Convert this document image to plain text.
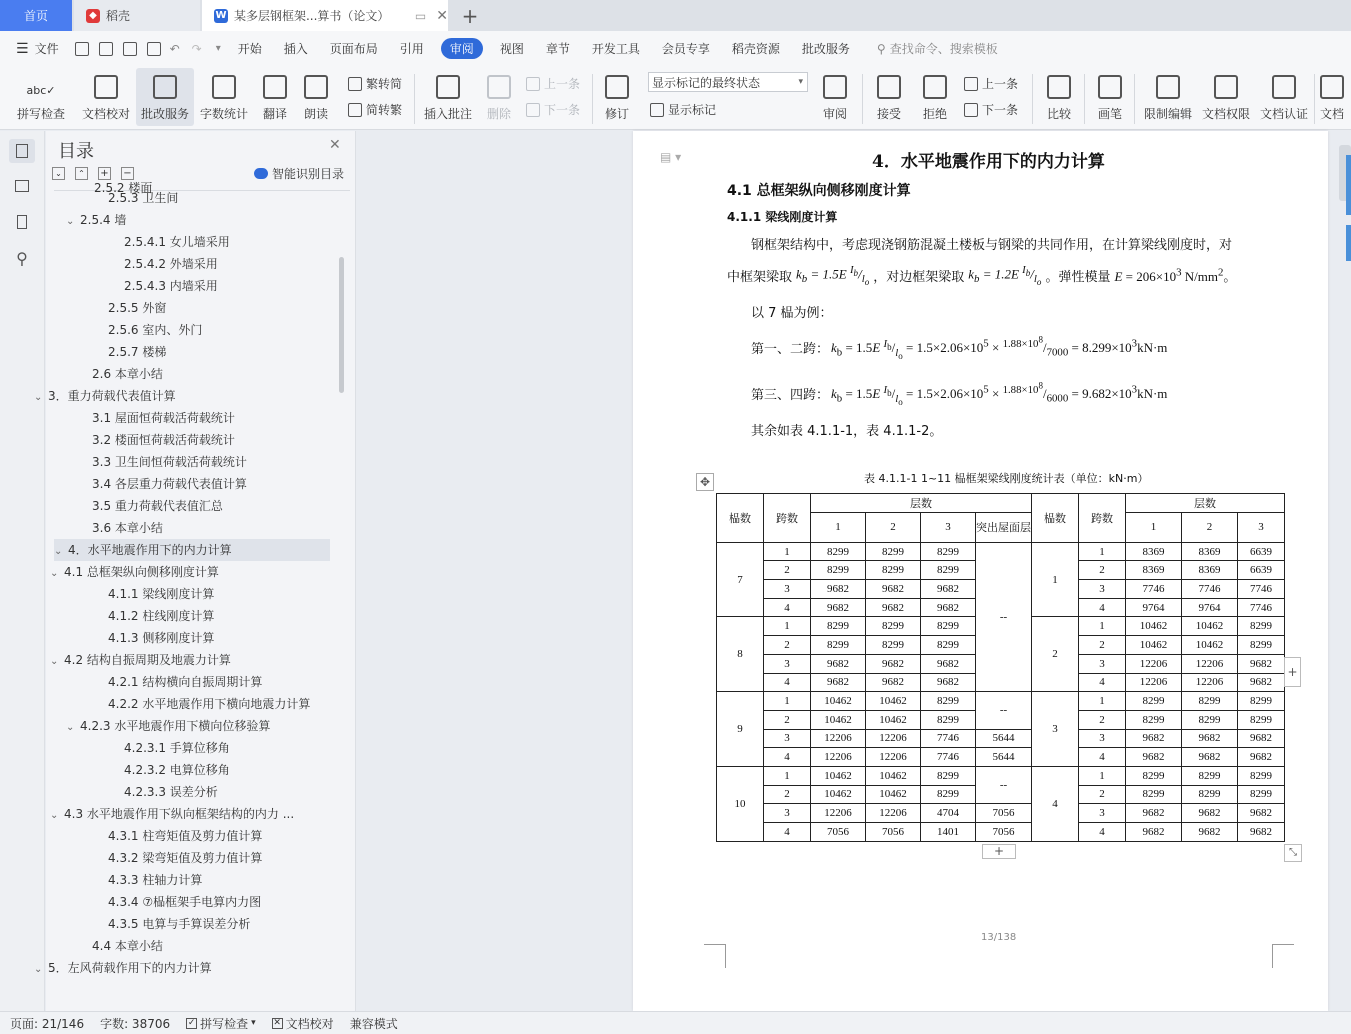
首页	◆ 稻壳	W 某多层钢框架...算书（论文） ▭ ✕ +
☰ 文件	↶ ↷ ▾ 开始 插入 页面布局 引用	审阅	视图 章节 开发工具 会员专享 稻壳资源 批改服务 ⚲ 查找命令、搜索模板
abc✓
拼写检查 文档校对 批改服务 字数统计 翻译 朗读
繁转简
简转繁 插入批注 删除
上一条
下一条 修订
显示标记的最终状态	▾
显示标记	审阅 接受 拒绝
上一条
下一条 比较 画笔 限制编辑 文档权限 文档认证 文档
⚲
目录	✕
⌄	⌃	+ −	智能识别目录
2.5.2 楼面
2.5.3 卫生间
⌄ 2.5.4 墙
2.5.4.1 女儿墙采用
2.5.4.2 外墙采用
2.5.4.3 内墙采用
2.5.5 外窗
2.5.6 室内、外门
2.5.7 楼梯
2.6 本章小结
⌄ 3．重力荷载代表值计算
3.1 屋面恒荷载活荷载统计
3.2 楼面恒荷载活荷载统计
3.3 卫生间恒荷载活荷载统计
3.4 各层重力荷载代表值计算
3.5 重力荷载代表值汇总
3.6 本章小结
⌄ 4．水平地震作用下的内力计算
⌄ 4.1 总框架纵向侧移刚度计算
4.1.1 梁线刚度计算
4.1.2 柱线刚度计算
4.1.3 侧移刚度计算
⌄ 4.2 结构自振周期及地震力计算
4.2.1 结构横向自振周期计算
4.2.2 水平地震作用下横向地震力计算
⌄ 4.2.3 水平地震作用下横向位移验算
4.2.3.1 手算位移角
4.2.3.2 电算位移角
4.2.3.3 误差分析
⌄ 4.3 水平地震作用下纵向框架结构的内力 ...
4.3.1 柱弯矩值及剪力值计算
4.3.2 梁弯矩值及剪力值计算
4.3.3 柱轴力计算
4.3.4 ⑦榀框架手电算内力图
4.3.5 电算与手算误差分析
4.4 本章小结
⌄ 5．左风荷载作用下的内力计算
▤ ▾	4．水平地震作用下的内力计算
4.1 总框架纵向侧移刚度计算
4.1.1 梁线刚度计算
钢框架结构中，考虑现浇钢筋混凝土楼板与钢梁的共同作用，在计算梁线刚度时，对
中框架梁取 $k_b = 1.5E$ $^{I_b}/_{l_o}$ ，对边框架梁取 $k_b = 1.2E$ $^{I_b}/_{l_o}$ 。弹性模量 $E = 206\times 10^3$ $N/mm^2$。
以 7 榀为例：
第一、二跨： $k_b = 1.5E$ $^{I_b}/_{l_o} = 1.5\times 2.06\times 10^5 \times ^{1.88\times 10^8}/_{7000} = 8.299\times 10^3kN\cdot m$
第三、四跨： $k_b = 1.5E$ $^{I_b}/_{l_o} = 1.5\times 2.06\times 10^5 \times ^{1.88\times 10^8}/_{6000} = 9.682\times 10^3kN\cdot m$
其余如表 4.1.1-1，表 4.1.1-2。
✥	表 4.1.1-1 1~11 榀框架梁线刚度统计表（单位：kN·m）
榀数	跨数	层数				榀数	跨数	层数		
		1	2	3	突出屋面层			1	2	3
7	1	8299	8299	8299	--	1	1	8369	8369	6639
	2	8299	8299	8299			2	8369	8369	6639
	3	9682	9682	9682			3	7746	7746	7746
	4	9682	9682	9682			4	9764	9764	7746
8	1	8299	8299	8299		2	1	10462	10462	8299
	2	8299	8299	8299			2	10462	10462	8299
	3	9682	9682	9682			3	12206	12206	9682
	4	9682	9682	9682			4	12206	12206	9682
9	1	10462	10462	8299	--	3	1	8299	8299	8299
	2	10462	10462	8299			2	8299	8299	8299
	3	12206	12206	7746	5644		3	9682	9682	9682
	4	12206	12206	7746	5644		4	9682	9682	9682
10	1	10462	10462	8299	--	4	1	8299	8299	8299
	2	10462	10462	8299			2	8299	8299	8299
	3	12206	12206	4704	7056		3	9682	9682	9682
	4	7056	7056	1401	7056		4	9682	9682	9682
+
+
⤡
13/138
页面: 21/146 字数: 38706 ✓ 拼写检查 ▾ ✕ 文档校对 兼容模式
